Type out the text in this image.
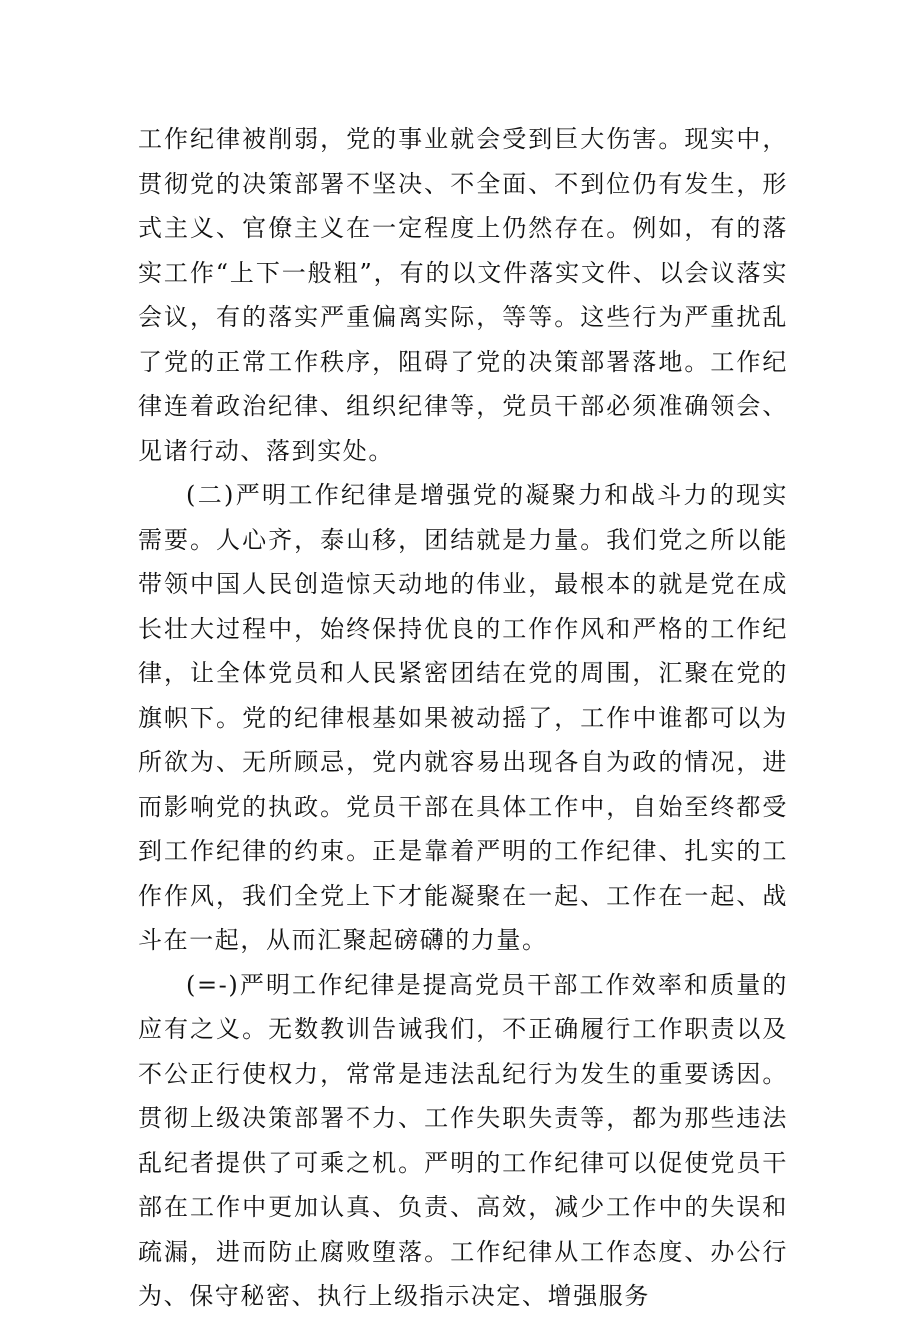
工作纪律被削弱，党的事业就会受到巨大伤害。现实中，贯彻党的决策部署不坚决、不全面、不到位仍有发生，形式主义、官僚主义在一定程度上仍然存在。例如，有的落实工作“上下一般粗”，有的以文件落实文件、以会议落实会议，有的落实严重偏离实际，等等。这些行为严重扰乱了党的正常工作秩序，阻碍了党的决策部署落地。工作纪律连着政治纪律、组织纪律等，党员干部必须准确领会、见诸行动、落到实处。

(二)严明工作纪律是增强党的凝聚力和战斗力的现实需要。人心齐，泰山移，团结就是力量。我们党之所以能带领中国人民创造惊天动地的伟业，最根本的就是党在成长壮大过程中，始终保持优良的工作作风和严格的工作纪律，让全体党员和人民紧密团结在党的周围，汇聚在党的旗帜下。党的纪律根基如果被动摇了，工作中谁都可以为所欲为、无所顾忌，党内就容易出现各自为政的情况，进而影响党的执政。党员干部在具体工作中，自始至终都受到工作纪律的约束。正是靠着严明的工作纪律、扎实的工作作风，我们全党上下才能凝聚在一起、工作在一起、战斗在一起，从而汇聚起磅礴的力量。

(=-)严明工作纪律是提高党员干部工作效率和质量的应有之义。无数教训告诫我们，不正确履行工作职责以及不公正行使权力，常常是违法乱纪行为发生的重要诱因。贯彻上级决策部署不力、工作失职失责等，都为那些违法乱纪者提供了可乘之机。严明的工作纪律可以促使党员干部在工作中更加认真、负责、高效，减少工作中的失误和疏漏，进而防止腐败堕落。工作纪律从工作态度、办公行为、保守秘密、执行上级指示决定、增强服务
